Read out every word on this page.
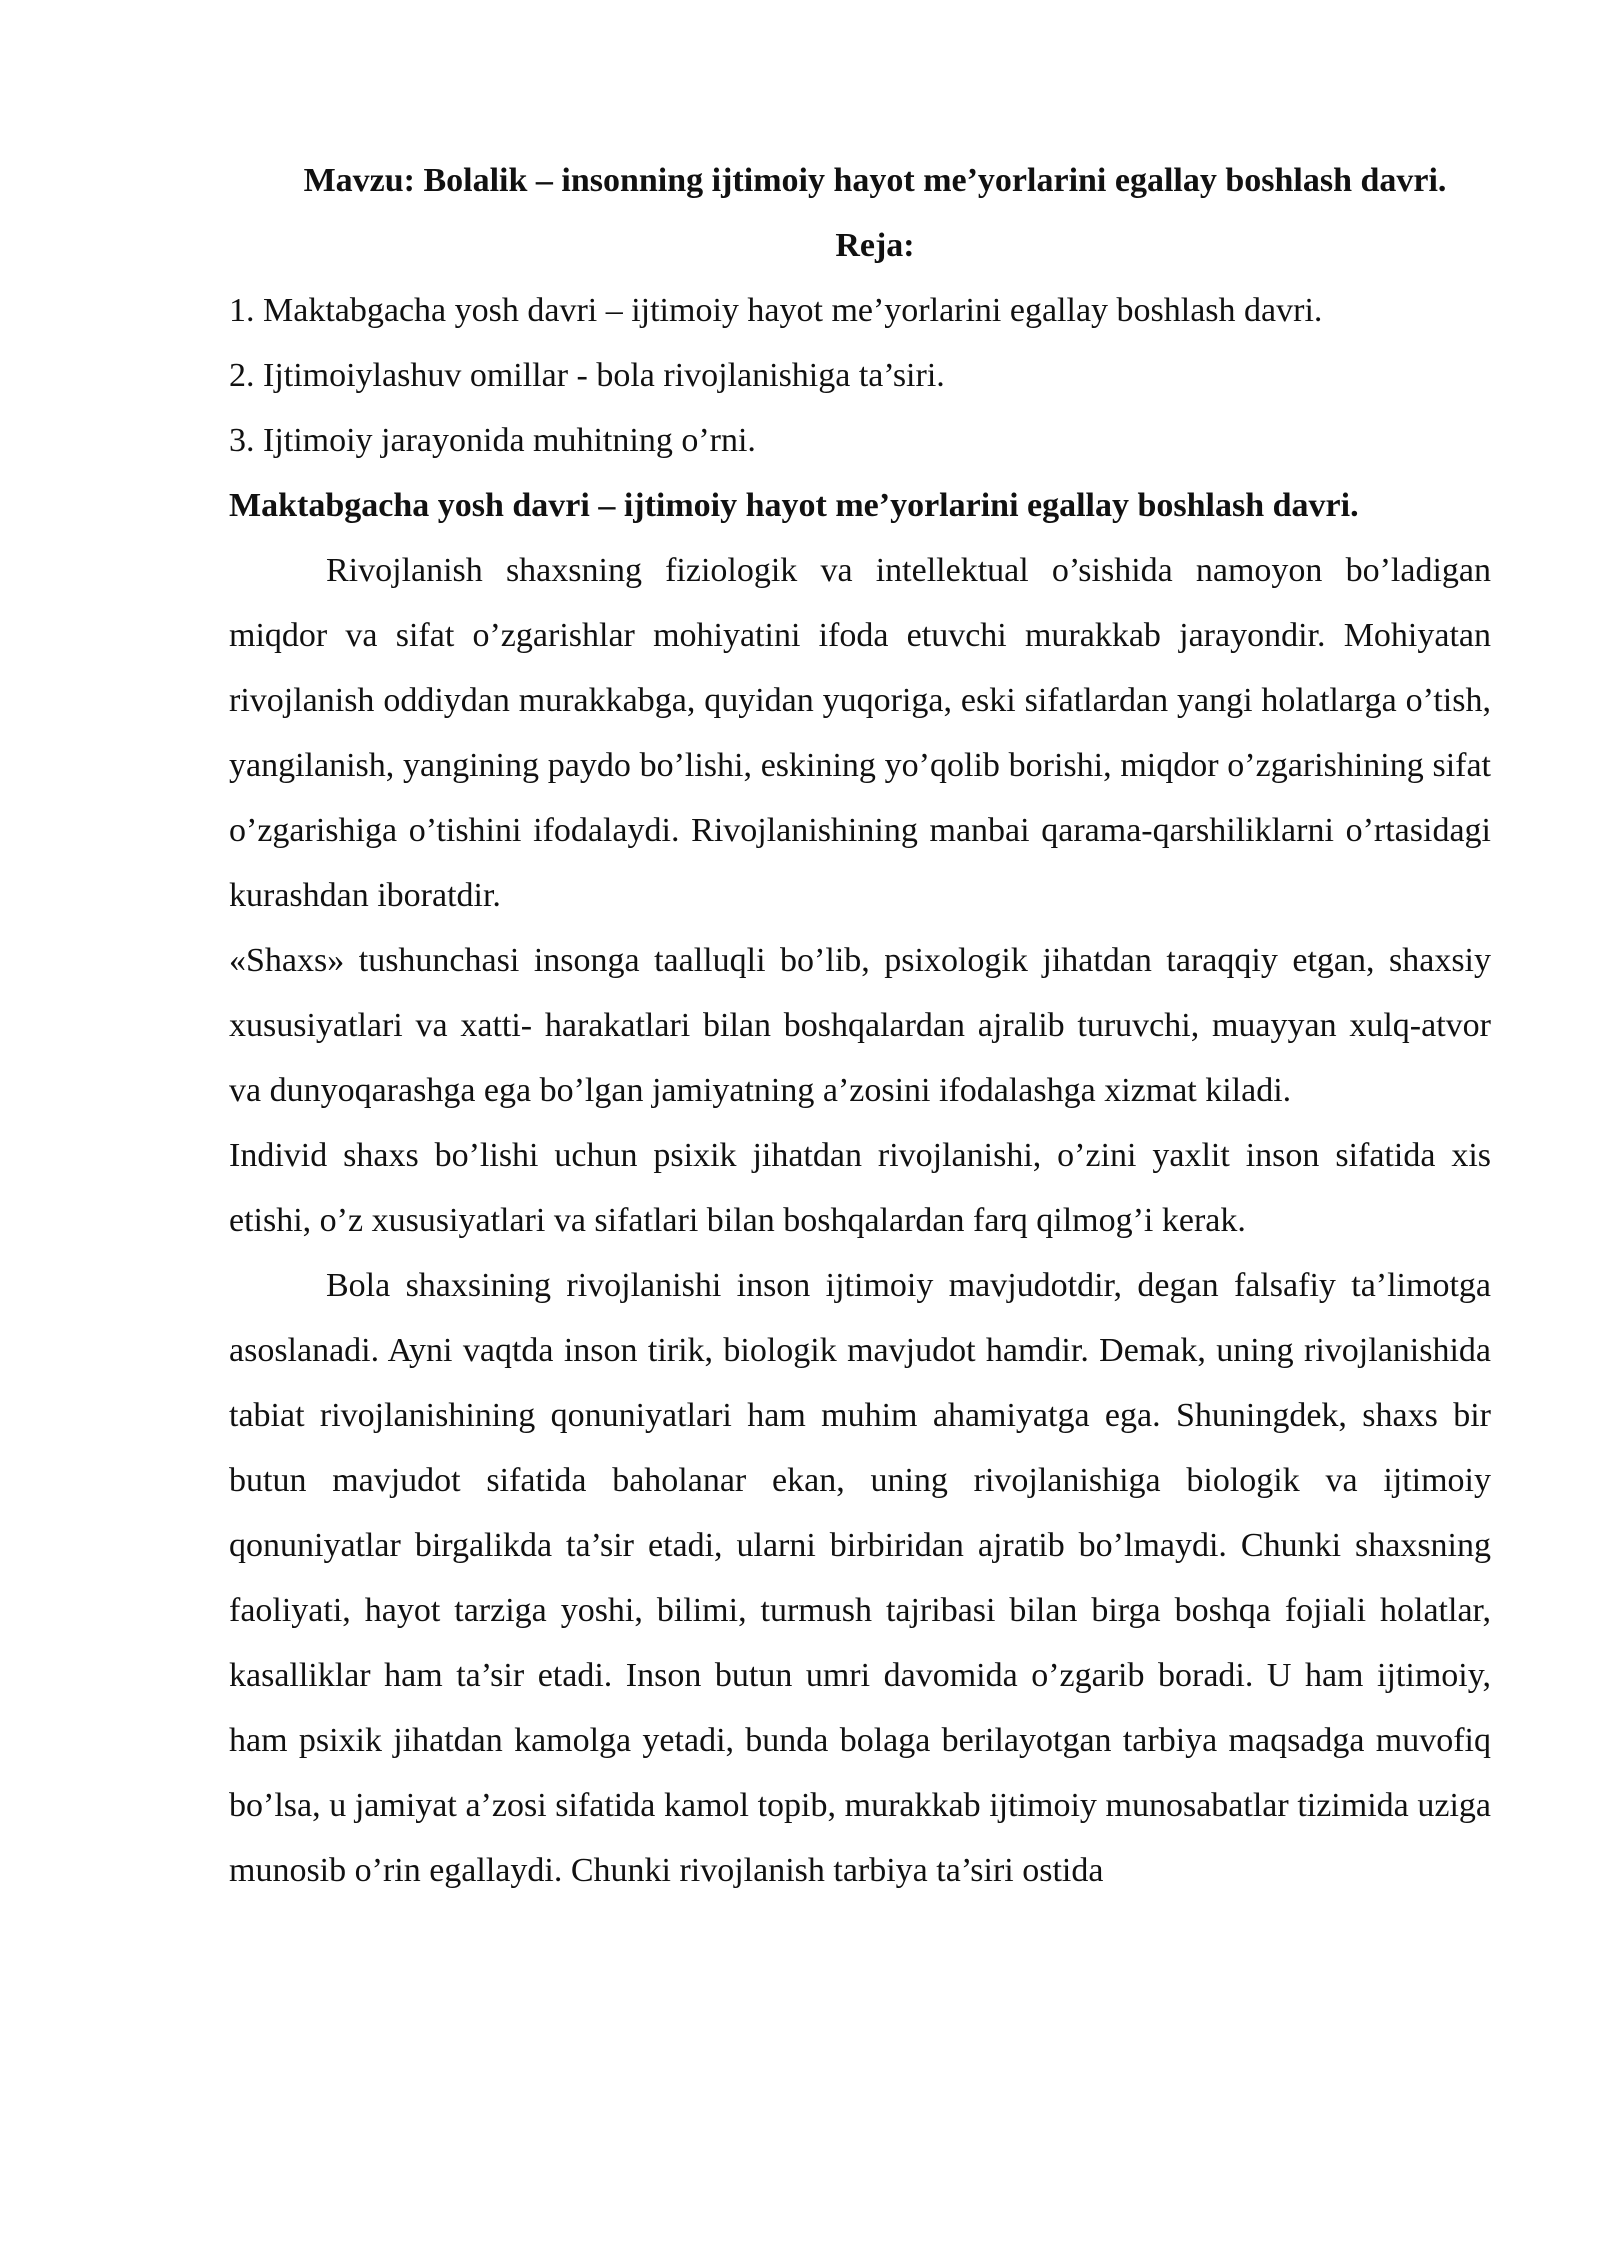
Mavzu: Bolalik – insonning ijtimoiy hayot me’yorlarini egallay boshlash davri.
Reja:
1. Maktabgacha yosh davri – ijtimoiy hayot me’yorlarini egallay boshlash davri.
2. Ijtimoiylashuv omillar - bola rivojlanishiga ta’siri.
3. Ijtimoiy jarayonida muhitning o’rni.
Maktabgacha yosh davri – ijtimoiy hayot me’yorlarini egallay boshlash davri.

Rivojlanish shaxsning fiziologik va intellektual o’sishida namoyon bo’ladigan miqdor va sifat o’zgarishlar mohiyatini ifoda etuvchi murakkab jarayondir. Mohiyatan rivojlanish oddiydan murakkabga, quyidan yuqoriga, eski sifatlardan yangi holatlarga o’tish, yangilanish, yangining paydo bo’lishi, eskining yo’qolib borishi, miqdor o’zgarishining sifat o’zgarishiga o’tishini ifodalaydi. Rivojlanishining manbai qarama-qarshiliklarni o’rtasidagi kurashdan iboratdir.

«Shaxs» tushunchasi insonga taalluqli bo’lib, psixologik jihatdan taraqqiy etgan, shaxsiy xususiyatlari va xatti- harakatlari bilan boshqalardan ajralib turuvchi, muayyan xulq-atvor va dunyoqarashga ega bo’lgan jamiyatning a’zosini ifodalashga xizmat kiladi.

Individ shaxs bo’lishi uchun psixik jihatdan rivojlanishi, o’zini yaxlit inson sifatida xis etishi, o’z xususiyatlari va sifatlari bilan boshqalardan farq qilmog’i kerak.

Bola shaxsining rivojlanishi inson ijtimoiy mavjudotdir, degan falsafiy ta’limotga asoslanadi. Ayni vaqtda inson tirik, biologik mavjudot hamdir. Demak, uning rivojlanishida tabiat rivojlanishining qonuniyatlari ham muhim ahamiyatga ega. Shuningdek, shaxs bir butun mavjudot sifatida baholanar ekan, uning rivojlanishiga biologik va ijtimoiy qonuniyatlar birgalikda ta’sir etadi, ularni birbiridan ajratib bo’lmaydi. Chunki shaxsning faoliyati, hayot tarziga yoshi, bilimi, turmush tajribasi bilan birga boshqa fojiali holatlar, kasalliklar ham ta’sir etadi. Inson butun umri davomida o’zgarib boradi. U ham ijtimoiy, ham psixik jihatdan kamolga yetadi, bunda bolaga berilayotgan tarbiya maqsadga muvofiq bo’lsa, u jamiyat a’zosi sifatida kamol topib, murakkab ijtimoiy munosabatlar tizimida uziga munosib o’rin egallaydi. Chunki rivojlanish tarbiya ta’siri ostida
